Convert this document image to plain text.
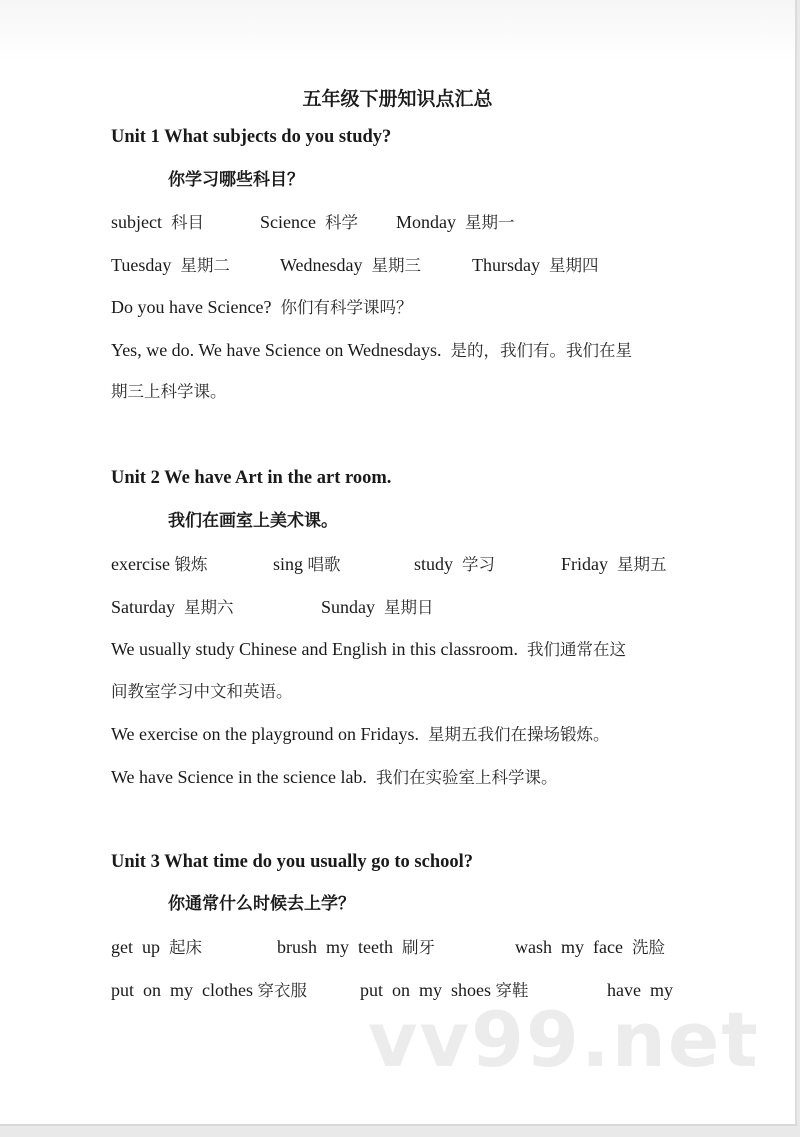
五年级下册知识点汇总
Unit 1 What subjects do you study?
你学习哪些科目？
subject 科目	Science 科学 Monday 星期一
Tuesday 星期二	Wednesday 星期三	Thursday 星期四
Do you have Science? 你们有科学课吗？
Yes, we do. We have Science on Wednesdays. 是的，我们有。我们在星
期三上科学课。
Unit 2 We have Art in the art room.
我们在画室上美术课。
exercise 锻炼	sing 唱歌	study 学习	Friday 星期五
Saturday 星期六	Sunday 星期日
We usually study Chinese and English in this classroom. 我们通常在这
间教室学习中文和英语。
We exercise on the playground on Fridays. 星期五我们在操场锻炼。
We have Science in the science lab. 我们在实验室上科学课。
Unit 3 What time do you usually go to school?
你通常什么时候去上学？
get  up 起床	brush  my  teeth 刷牙	wash  my  face 洗脸
put  on  my  clothes 穿衣服	put  on  my  shoes 穿鞋	have  my
vv99.net
